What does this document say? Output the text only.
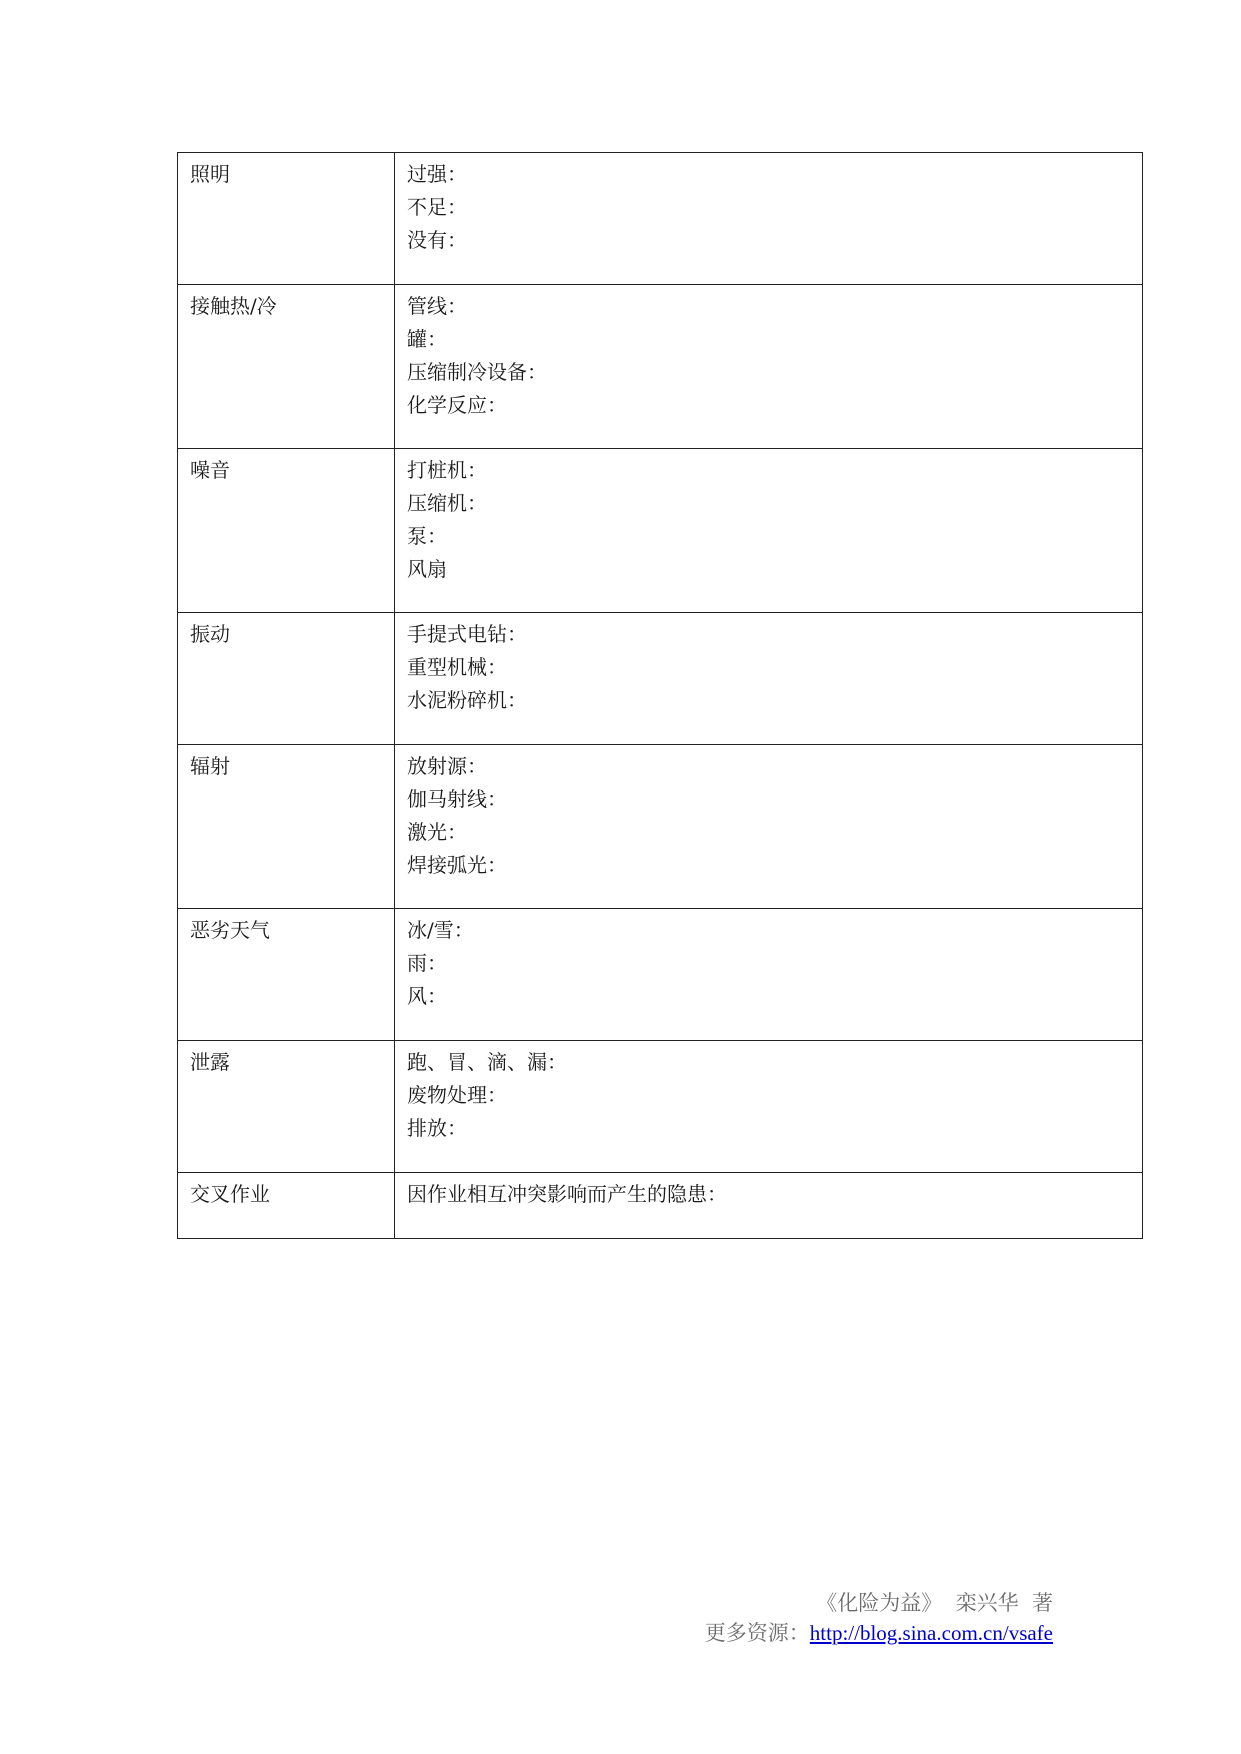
照明	过强：
不足：
没有：

接触热/冷	管线：
罐：
压缩制冷设备：
化学反应：

噪音	打桩机：
压缩机：
泵：
风扇

振动	手提式电钻：
重型机械：
水泥粉碎机：

辐射	放射源：
伽马射线：
激光：
焊接弧光：

恶劣天气	冰/雪：
雨：
风：

泄露	跑、冒、滴、漏：
废物处理：
排放：

交叉作业	因作业相互冲突影响而产生的隐患：
《化险为益》  栾兴华  著
更多资源：http://blog.sina.com.cn/vsafe
